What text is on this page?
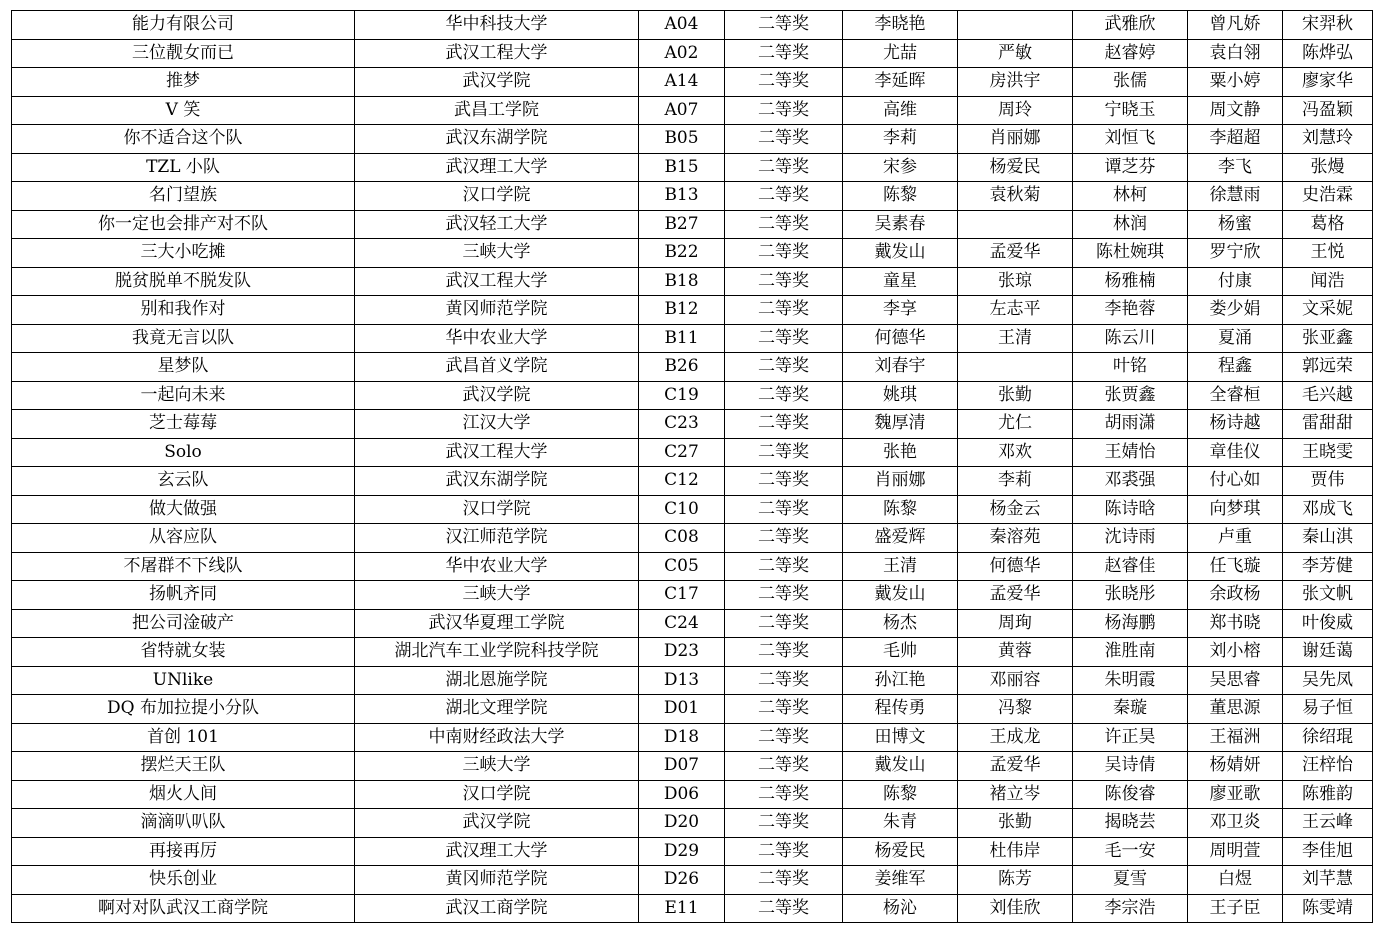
能力有限公司	华中科技大学	A04	二等奖	李晓艳		武雅欣	曾凡娇	宋羿秋
三位靓女而已	武汉工程大学	A02	二等奖	尤喆	严敏	赵睿婷	袁白翎	陈烨弘
推梦	武汉学院	A14	二等奖	李延晖	房洪宇	张儒	粟小婷	廖家华
V 笑	武昌工学院	A07	二等奖	高维	周玲	宁晓玉	周文静	冯盈颖
你不适合这个队	武汉东湖学院	B05	二等奖	李莉	肖丽娜	刘恒飞	李超超	刘慧玲
TZL 小队	武汉理工大学	B15	二等奖	宋参	杨爱民	谭芝芬	李飞	张熳
名门望族	汉口学院	B13	二等奖	陈黎	袁秋菊	林柯	徐慧雨	史浩霖
你一定也会排产对不队	武汉轻工大学	B27	二等奖	吴素春		林润	杨蜜	葛格
三大小吃摊	三峡大学	B22	二等奖	戴发山	孟爱华	陈杜婉琪	罗宁欣	王悦
脱贫脱单不脱发队	武汉工程大学	B18	二等奖	童星	张琼	杨雅楠	付康	闻浩
别和我作对	黄冈师范学院	B12	二等奖	李享	左志平	李艳蓉	娄少娟	文采妮
我竟无言以队	华中农业大学	B11	二等奖	何德华	王清	陈云川	夏涌	张亚鑫
星梦队	武昌首义学院	B26	二等奖	刘春宇		叶铭	程鑫	郭远荣
一起向未来	武汉学院	C19	二等奖	姚琪	张勤	张贾鑫	全睿桓	毛兴越
芝士莓莓	江汉大学	C23	二等奖	魏厚清	尤仁	胡雨潇	杨诗越	雷甜甜
Solo	武汉工程大学	C27	二等奖	张艳	邓欢	王婧怡	章佳仪	王晓雯
玄云队	武汉东湖学院	C12	二等奖	肖丽娜	李莉	邓裘强	付心如	贾伟
做大做强	汉口学院	C10	二等奖	陈黎	杨金云	陈诗晗	向梦琪	邓成飞
从容应队	汉江师范学院	C08	二等奖	盛爱辉	秦溶苑	沈诗雨	卢重	秦山淇
不屠群不下线队	华中农业大学	C05	二等奖	王清	何德华	赵睿佳	任飞璇	李芳健
扬帆齐同	三峡大学	C17	二等奖	戴发山	孟爱华	张晓彤	余政杨	张文帆
把公司淦破产	武汉华夏理工学院	C24	二等奖	杨杰	周珣	杨海鹏	郑书晓	叶俊威
省特就女装	湖北汽车工业学院科技学院	D23	二等奖	毛帅	黄蓉	淮胜南	刘小榕	谢廷蔼
UNlike	湖北恩施学院	D13	二等奖	孙江艳	邓丽容	朱明霞	吴思睿	吴先凤
DQ 布加拉提小分队	湖北文理学院	D01	二等奖	程传勇	冯黎	秦璇	董思源	易子恒
首创 101	中南财经政法大学	D18	二等奖	田博文	王成龙	许正昊	王福洲	徐绍琨
摆烂天王队	三峡大学	D07	二等奖	戴发山	孟爱华	吴诗倩	杨婧妍	汪梓怡
烟火人间	汉口学院	D06	二等奖	陈黎	褚立岑	陈俊睿	廖亚歌	陈雅韵
滴滴叭叭队	武汉学院	D20	二等奖	朱青	张勤	揭晓芸	邓卫炎	王云峰
再接再厉	武汉理工大学	D29	二等奖	杨爱民	杜伟岸	毛一安	周明萱	李佳旭
快乐创业	黄冈师范学院	D26	二等奖	姜维军	陈芳	夏雪	白煜	刘芊慧
啊对对队武汉工商学院	武汉工商学院	E11	二等奖	杨沁	刘佳欣	李宗浩	王子臣	陈雯靖
